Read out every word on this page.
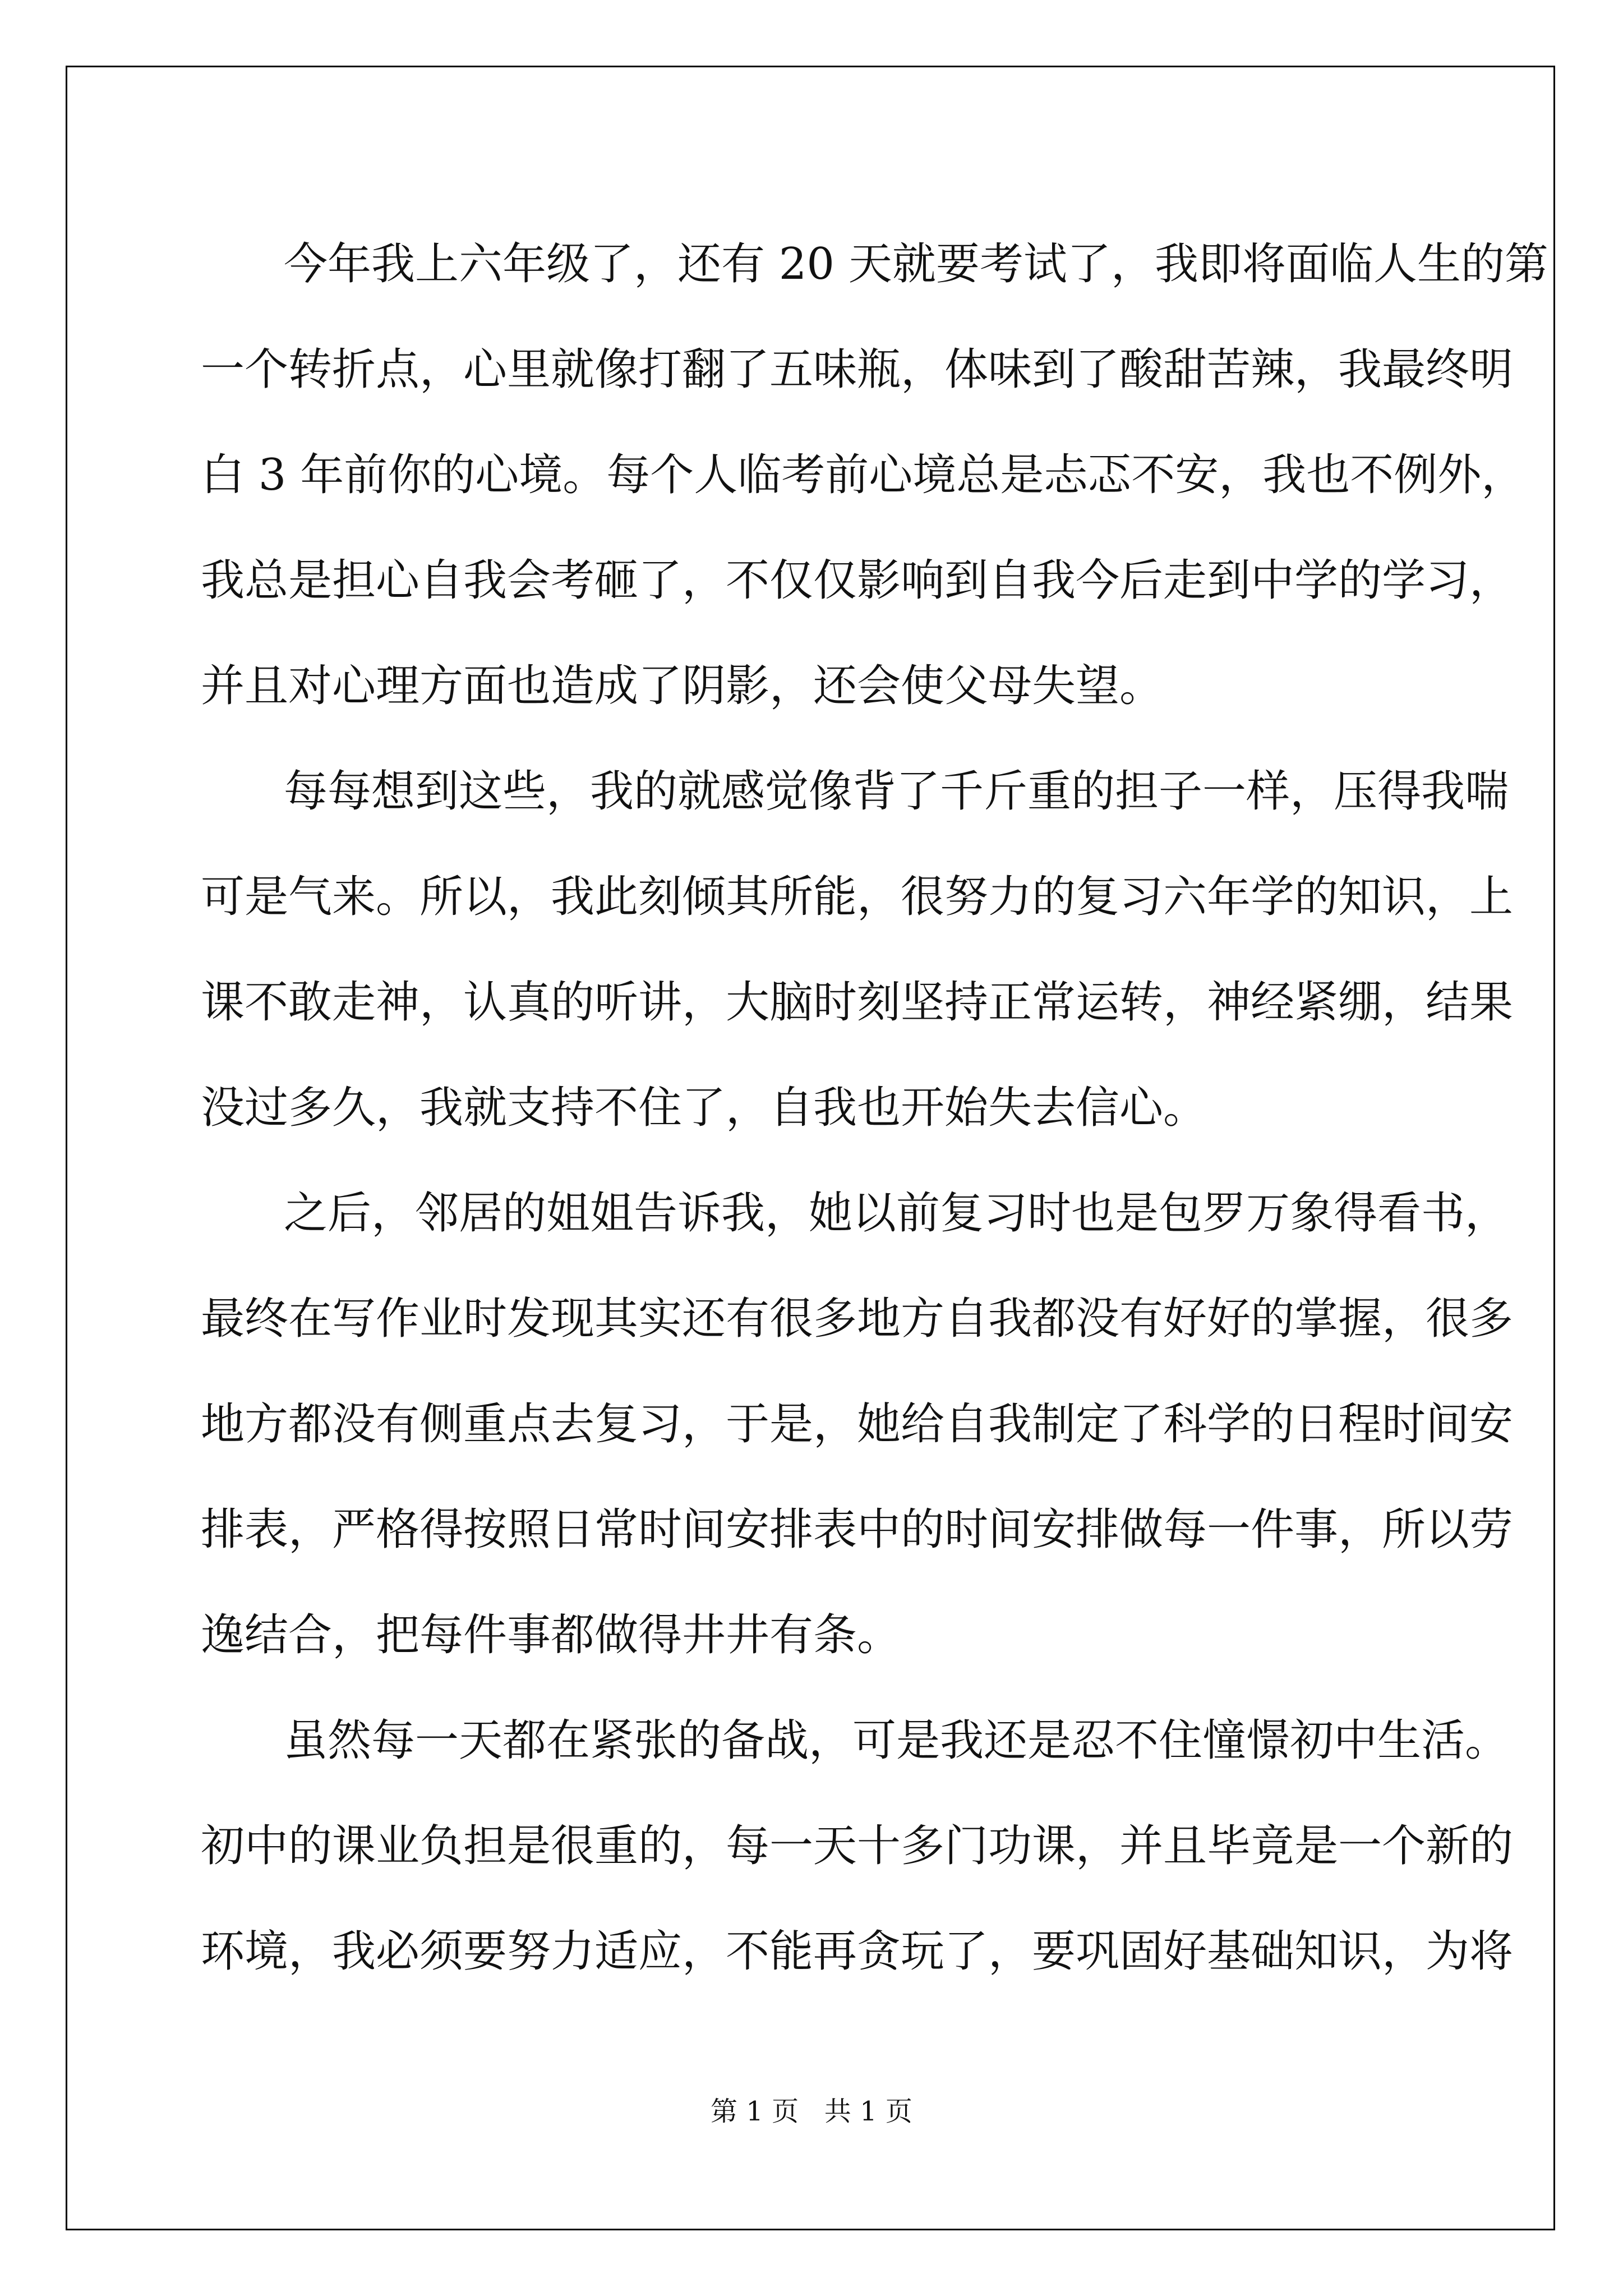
今年我上六年级了，还有 20 天就要考试了，我即将面临人生的第
一个转折点，心里就像打翻了五味瓶，体味到了酸甜苦辣，我最终明
白 3 年前你的心境。每个人临考前心境总是忐忑不安，我也不例外，
我总是担心自我会考砸了，不仅仅影响到自我今后走到中学的学习，
并且对心理方面也造成了阴影，还会使父母失望。
每每想到这些，我的就感觉像背了千斤重的担子一样，压得我喘
可是气来。所以，我此刻倾其所能，很努力的复习六年学的知识，上
课不敢走神，认真的听讲，大脑时刻坚持正常运转，神经紧绷，结果
没过多久，我就支持不住了，自我也开始失去信心。
之后，邻居的姐姐告诉我，她以前复习时也是包罗万象得看书，
最终在写作业时发现其实还有很多地方自我都没有好好的掌握，很多
地方都没有侧重点去复习，于是，她给自我制定了科学的日程时间安
排表，严格得按照日常时间安排表中的时间安排做每一件事，所以劳
逸结合，把每件事都做得井井有条。
虽然每一天都在紧张的备战，可是我还是忍不住憧憬初中生活。
初中的课业负担是很重的，每一天十多门功课，并且毕竟是一个新的
环境，我必须要努力适应，不能再贪玩了，要巩固好基础知识，为将
第 1 页   共 1 页
